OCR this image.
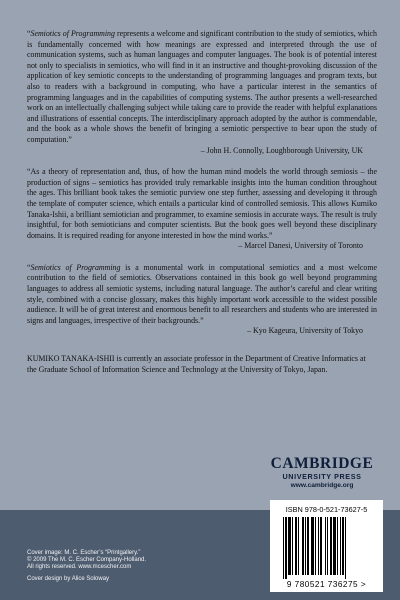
“Semiotics of Programming represents a welcome and significant contribution to the study of semiotics, which is fundamentally concerned with how meanings are expressed and interpreted through the use of communication systems, such as human languages and computer languages. The book is of potential interest not only to specialists in semiotics, who will find in it an instructive and thought-provoking discussion of the application of key semiotic concepts to the understanding of programming languages and program texts, but also to readers with a background in computing, who have a particular interest in the semantics of programming languages and in the capabilities of computing systems. The author presents a well-researched work on an intellectually challenging subject while taking care to provide the reader with helpful explanations and illustrations of essential concepts. The interdisciplinary approach adopted by the author is commendable, and the book as a whole shows the benefit of bringing a semiotic perspective to bear upon the study of computation.”
– John H. Connolly, Loughborough University, UK
“As a theory of representation and, thus, of how the human mind models the world through semiosis – the production of signs – semiotics has provided truly remarkable insights into the human condition throughout the ages. This brilliant book takes the semiotic purview one step further, assessing and developing it through the template of computer science, which entails a particular kind of controlled semiosis. This allows Kumiko Tanaka-Ishii, a brilliant semiotician and programmer, to examine semiosis in accurate ways. The result is truly insightful, for both semioticians and computer scientists. But the book goes well beyond these disciplinary domains. It is required reading for anyone interested in how the mind works.”
– Marcel Danesi, University of Toronto
“Semiotics of Programming is a monumental work in computational semiotics and a most welcome contribution to the field of semiotics. Observations contained in this book go well beyond programming languages to address all semiotic systems, including natural language. The author’s careful and clear writing style, combined with a concise glossary, makes this highly important work accessible to the widest possible audience. It will be of great interest and enormous benefit to all researchers and students who are interested in signs and languages, irrespective of their backgrounds.”
– Kyo Kageura, University of Tokyo
KUMIKO TANAKA-ISHII is currently an associate professor in the Department of Creative Informatics at the Graduate School of Information Science and Technology at the University of Tokyo, Japan.
CAMBRIDGE
UNIVERSITY PRESS
www.cambridge.org
Cover image: M. C. Escher’s “Printgallery.”
© 2009 The M. C. Escher Company-Holland.
All rights reserved. www.mcescher.com
Cover design by Alice Soloway
ISBN 978-0-521-73627-5
9 780521 736275 >
